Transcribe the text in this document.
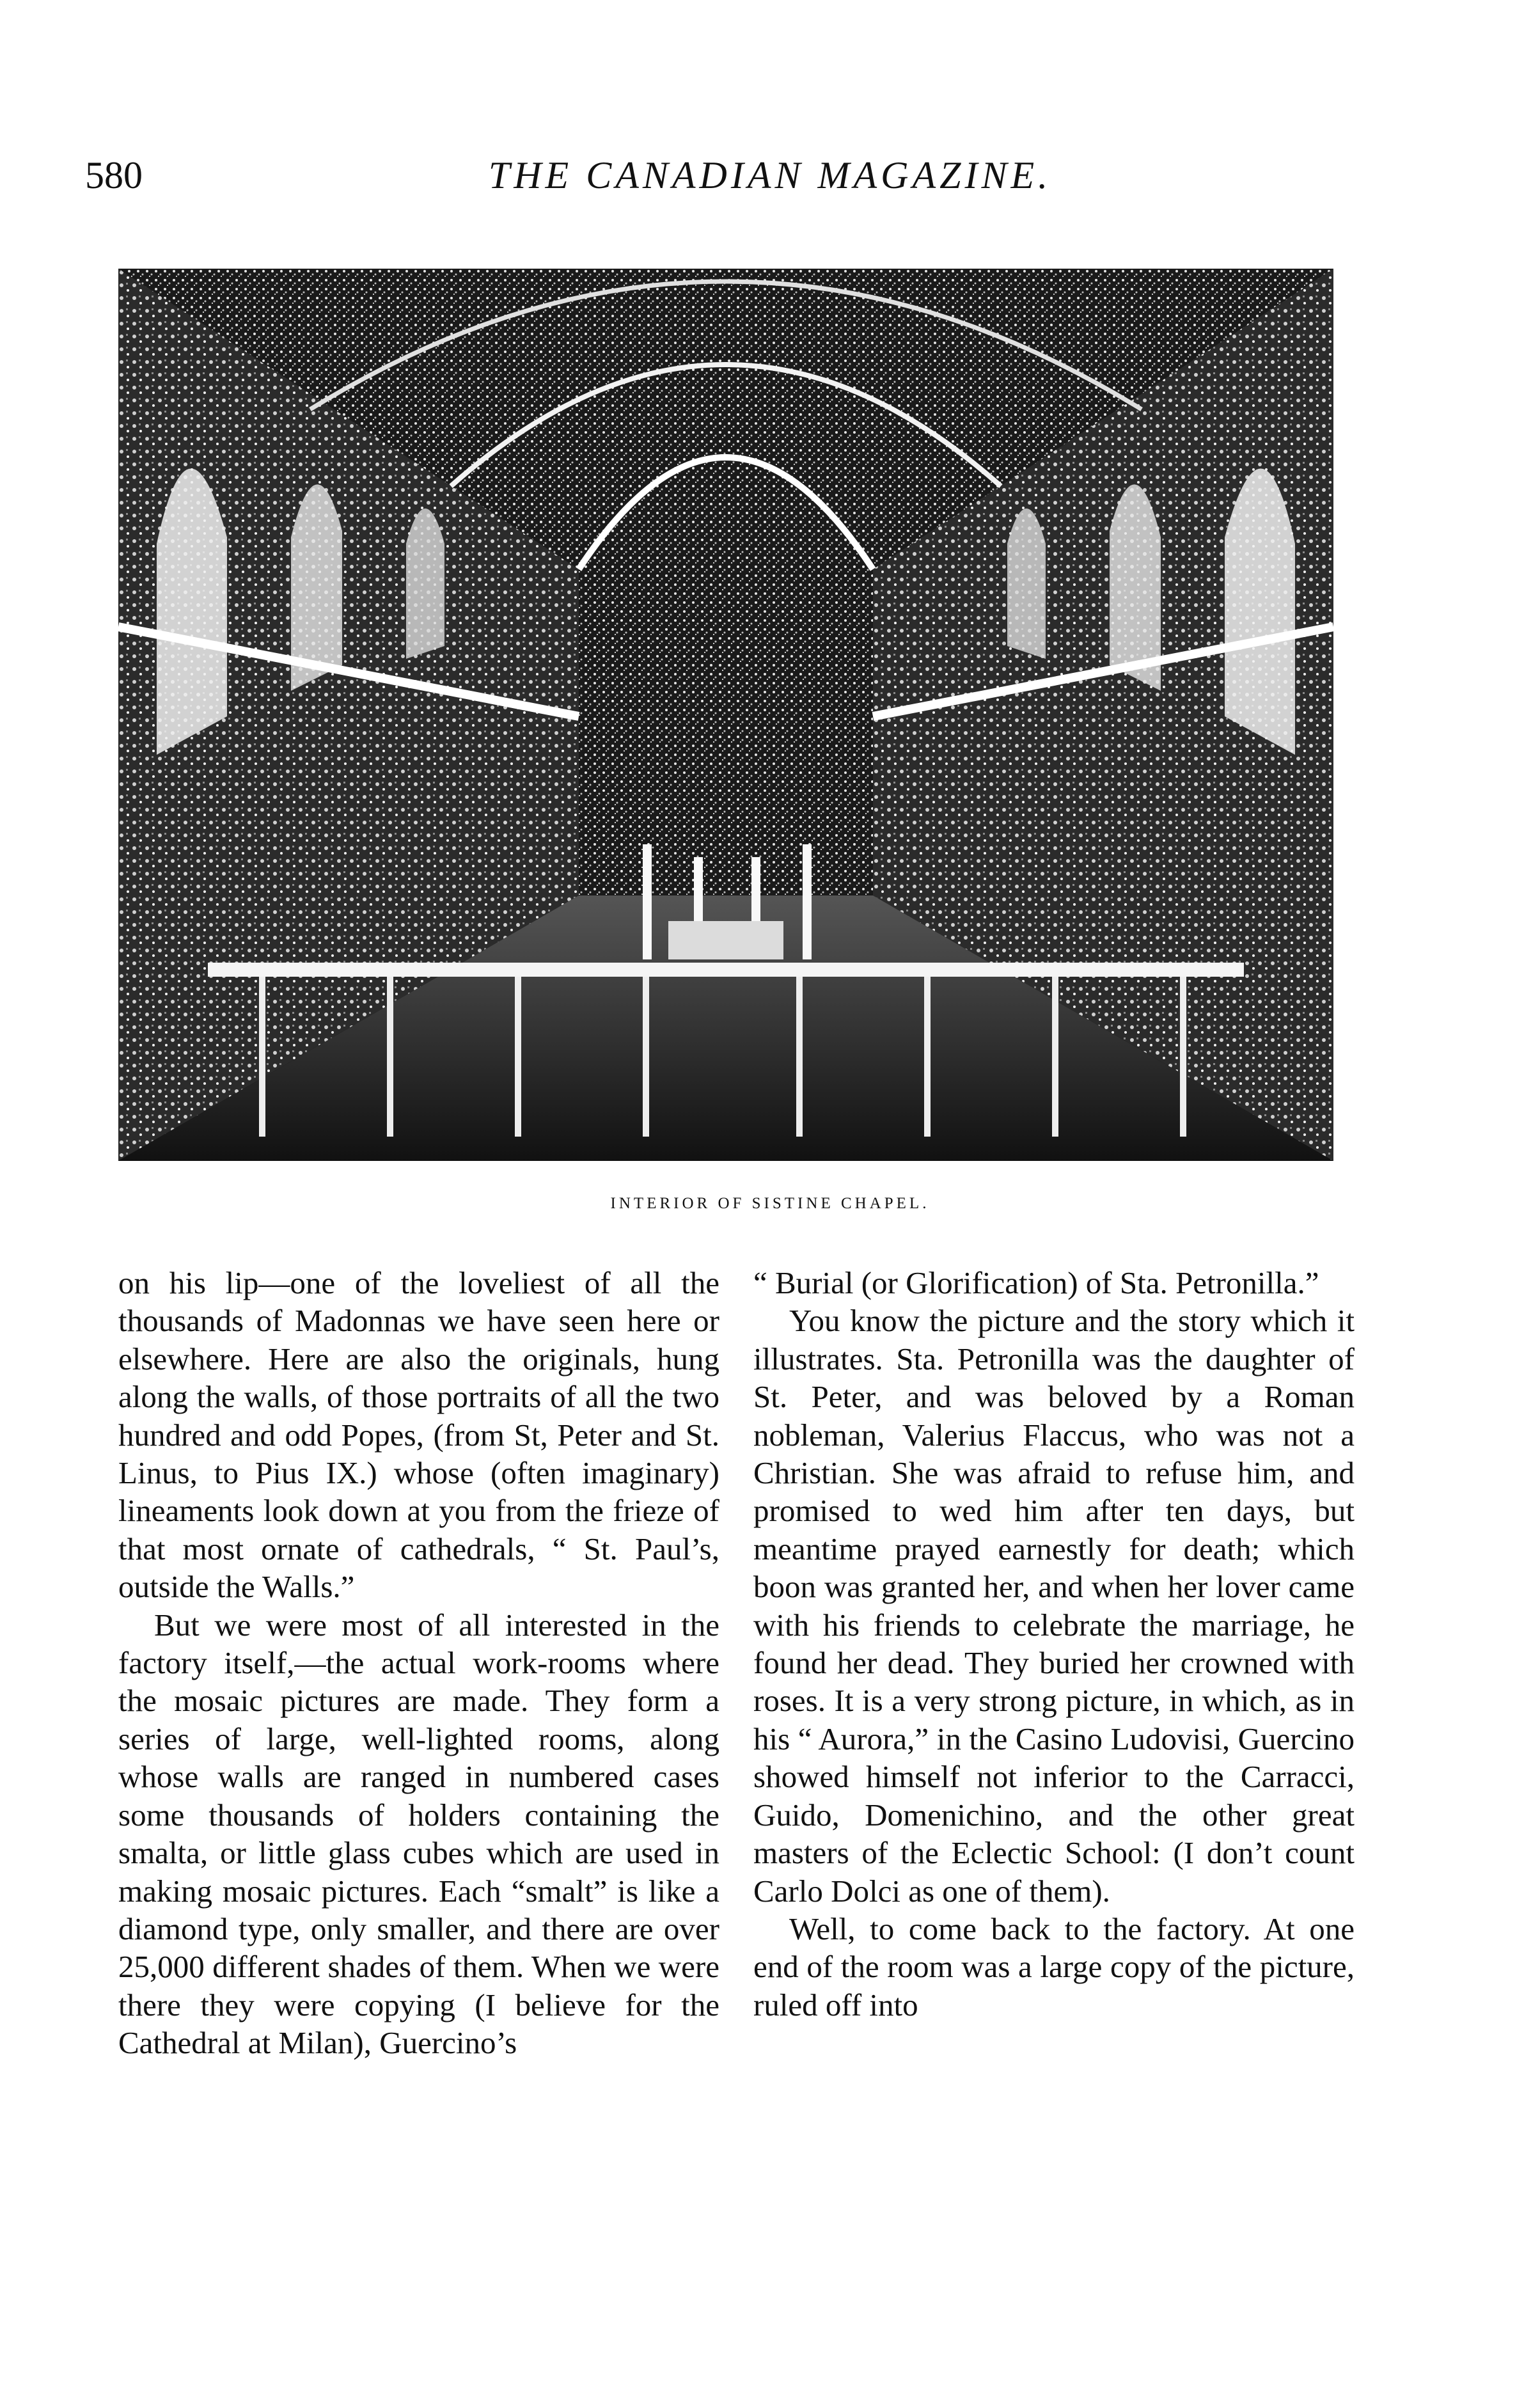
580	THE CANADIAN MAGAZINE.
INTERIOR OF SISTINE CHAPEL.

on his lip—one of the loveliest of all the thousands of Madonnas we have seen here or elsewhere. Here are also the originals, hung along the walls, of those portraits of all the two hundred and odd Popes, (from St, Peter and St. Linus, to Pius IX.) whose (often imaginary) lineaments look down at you from the frieze of that most ornate of cathedrals, “ St. Paul’s, outside the Walls.”

But we were most of all interested in the factory itself,—the actual work-rooms where the mosaic pictures are made. They form a series of large, well-lighted rooms, along whose walls are ranged in numbered cases some thousands of holders containing the smalta, or little glass cubes which are used in making mosaic pictures. Each “smalt” is like a diamond type, only smaller, and there are over 25,000 different shades of them. When we were there they were copying (I believe for the Cathedral at Milan), Guercino’s

“ Burial (or Glorification) of Sta. Petronilla.”

You know the picture and the story which it illustrates. Sta. Petronilla was the daughter of St. Peter, and was beloved by a Roman nobleman, Valerius Flaccus, who was not a Christian. She was afraid to refuse him, and promised to wed him after ten days, but meantime prayed earnestly for death; which boon was granted her, and when her lover came with his friends to celebrate the marriage, he found her dead. They buried her crowned with roses. It is a very strong picture, in which, as in his “ Aurora,” in the Casino Ludovisi, Guercino showed himself not inferior to the Carracci, Guido, Domenichino, and the other great masters of the Eclectic School: (I don’t count Carlo Dolci as one of them).

Well, to come back to the factory. At one end of the room was a large copy of the picture, ruled off into
